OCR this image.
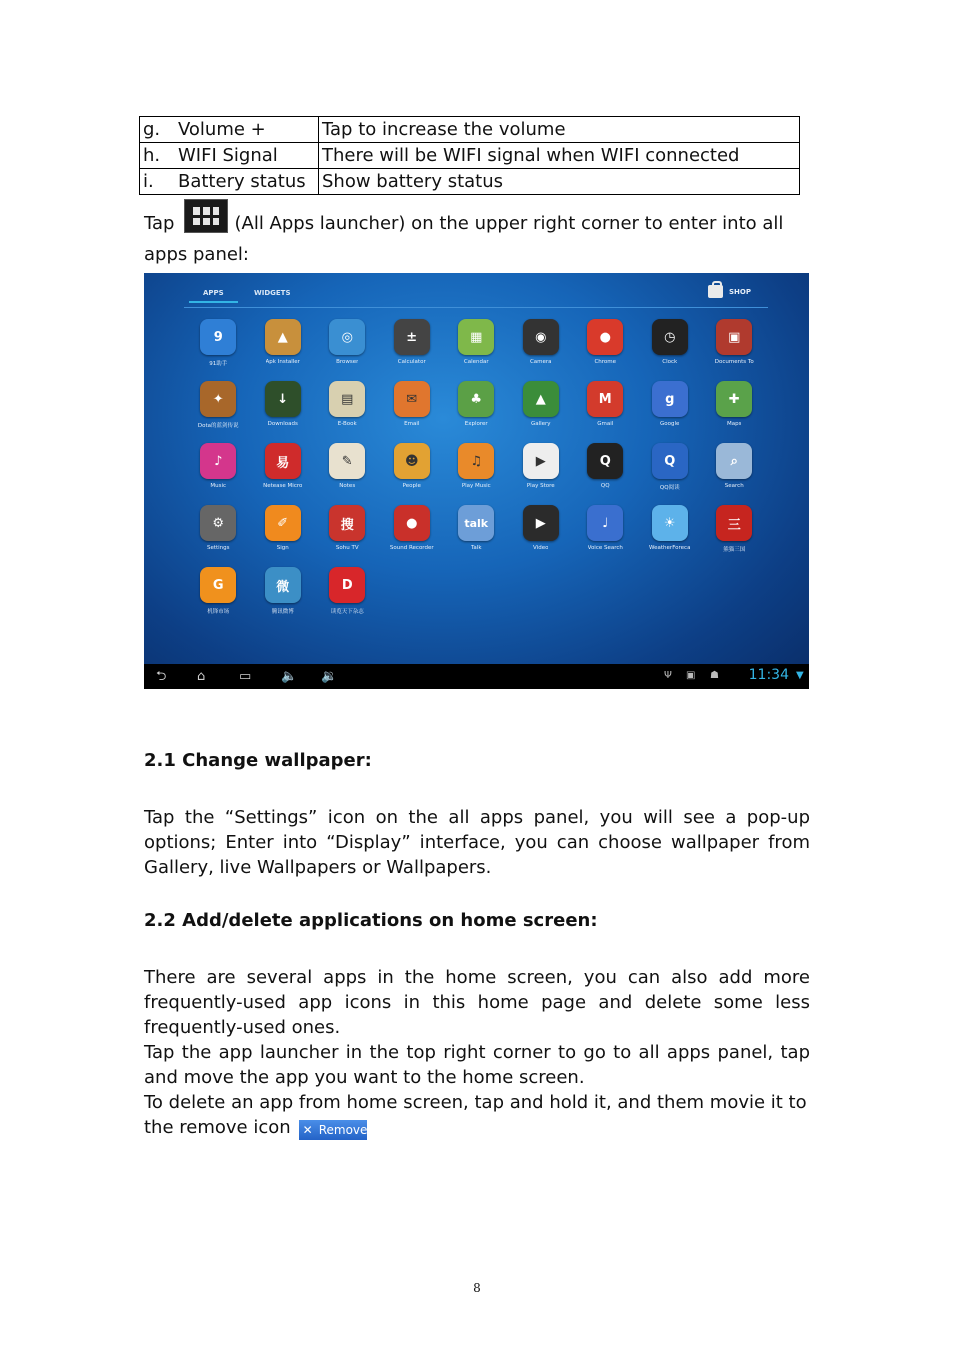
g. Volume +	Tap to increase the volume
h. WIFI Signal	There will be WIFI signal when WIFI connected
i. Battery status	Show battery status
Tap	(All Apps launcher) on the upper right corner to enter into all apps panel:
APPS	WIDGETS	SHOP
9
91助手
▲
Apk Installer
◎
Browser
±
Calculator
▦
Calendar
◉
Camera
●
Chrome
◷
Clock
▣
Documents To
✦
Dota的蓝剑传说
↓
Downloads
▤
E-Book
✉
Email
♣
Explorer
▲
Gallery
M
Gmail
g
Google
✚
Maps
♪
Music
易
Netease Micro
✎
Notes
☻
People
♫
Play Music
▶
Play Store
Q
QQ
Q
QQ阅读
⌕
Search
⚙
Settings
✐
Sign
搜
Sohu TV
●
Sound Recorder
talk
Talk
▶
Video
♩
Voice Search
☀
WeatherForeca
三
熊猫三国
G
机锋市场
微
腾讯微博
D
读览天下杂志
⮌ ⌂	▭ 🔈 🔉	Ψ ▣ ☗ 11:34 ▼
2.1 Change wallpaper:
Tap the “Settings” icon on the all apps panel, you will see a pop-up options; Enter into “Display” interface, you can choose wallpaper from Gallery, live Wallpapers or Wallpapers.
2.2 Add/delete applications on home screen:
There are several apps in the home screen, you can also add more frequently-used app icons in this home page and delete some less frequently-used ones.
Tap the app launcher in the top right corner to go to all apps panel, tap and move the app you want to the home screen.
To delete an app from home screen, tap and hold it, and them movie it to the remove icon ✕ Remove
8
